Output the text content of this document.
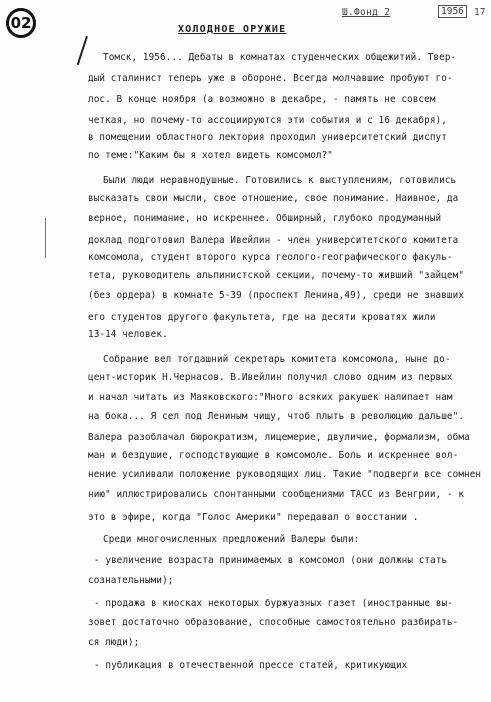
02
Ш.Фонд 2	1956	17
ХОЛОДНОЕ ОРУЖИЕ
Томск, 1956... Дебаты в комнатах студенческих общежитий. Твер-
дый сталинист теперь уже в обороне. Всегда молчавшие пробуют го-
лос. В конце ноября (а возможно в декабре, - память не совсем
четкая, но почему-то ассоциируются эти события и с 16 декабря),
в помещении областного лектория проходил университетский диспут
по теме:"Каким бы я хотел видеть комсомол?"
Были люди неравнодушные. Готовились к выступлениям, готовились
высказать свои мысли, свое отношение, свое понимание. Наивное, да
верное, понимание, но искреннее. Обширный, глубоко продуманный
доклад подготовил Валера Ивейлин - член университетского комитета
комсомола, студент второго курса геолого-географического факуль-
тета, руководитель альпинистской секции, почему-то живший "зайцем"
(без ордера) в комнате 5-39 (проспект Ленина,49), среди не знавших
его студентов другого факультета, где на десяти кроватях жили
13-14 человек.
Собрание вел тогдашний секретарь комитета комсомола, ныне до-
цент-историк Н.Чернасов. В.Ивейлин получил слово одним из первых
и начал читать из Маяковского:"Много всяких ракушек налипает нам
на бока... Я сел под Лениным чищу, чтоб плыть в революцию дальше".
Валера разоблачал бюрократизм, лицемерие, двуличие, формализм, обма
ман и бездушие, господствующие в комсомоле. Боль и искреннее вол-
нение усиливали положение руководящих лиц. Такие "подверги все сомнен
нию" иллюстрировались спонтанными сообщениями ТАСС из Венгрии, - к
это в эфире, когда "Голос Америки" передавал о восстании .
Среди многочисленных предложений Валеры были:
- увеличение возраста принимаемых в комсомол (они должны стать
сознательными);
- продажа в киосках некоторых буржуазных газет (иностранные вы-
зовет достаточно образование, способные самостоятельно разбирать-
ся люди);
- публикация в отечественной прессе статей, критикующих
